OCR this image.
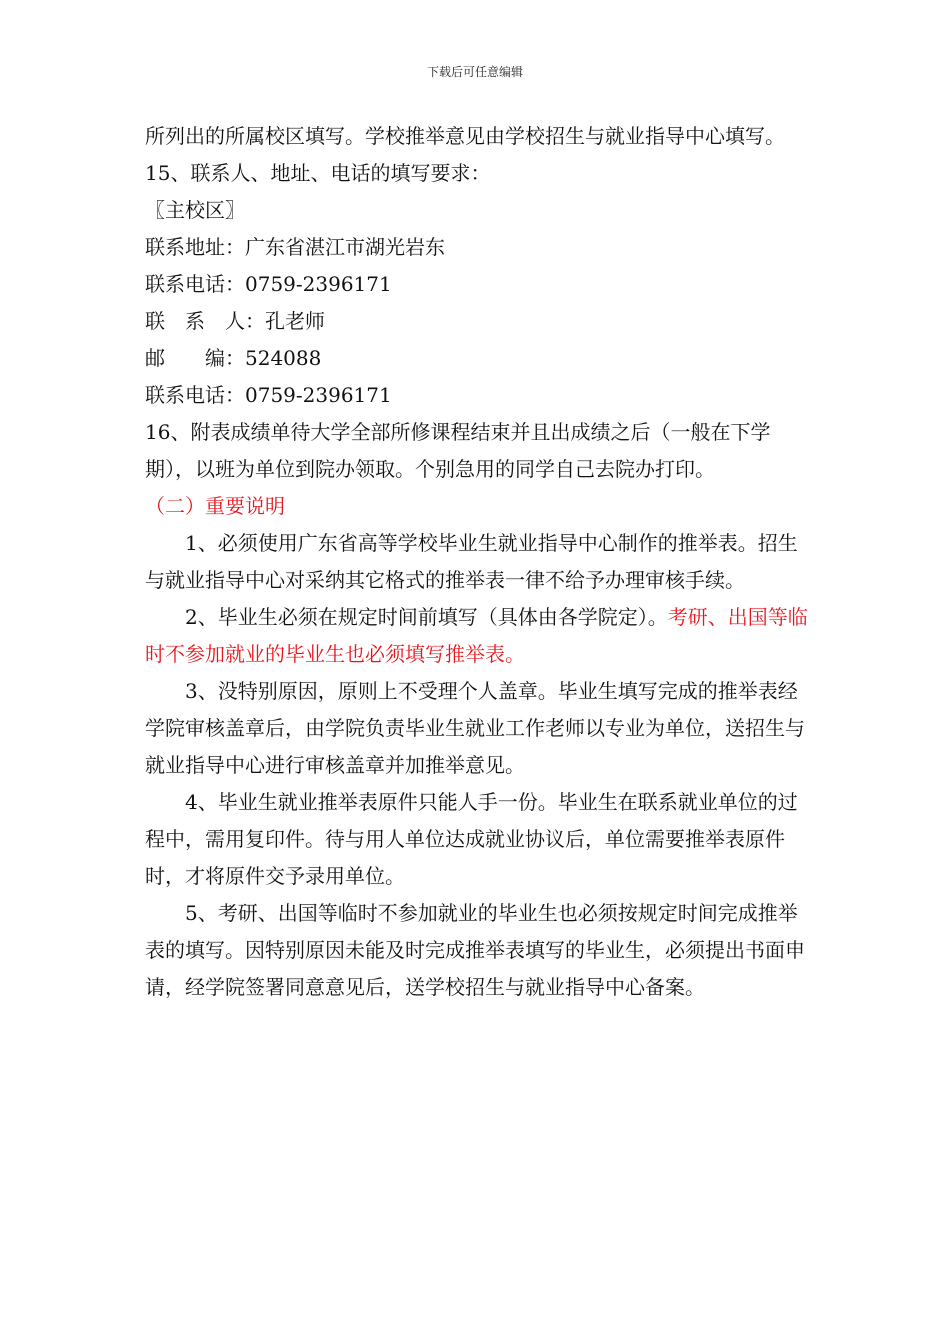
下载后可任意编辑

所列出的所属校区填写。学校推举意见由学校招生与就业指导中心填写。

15、联系人、地址、电话的填写要求：

〖主校区〗

联系地址：广东省湛江市湖光岩东

联系电话：0759-2396171

联　系　人：孔老师

邮　　编：524088

联系电话：0759-2396171

16、附表成绩单待大学全部所修课程结束并且出成绩之后（一般在下学期），以班为单位到院办领取。个别急用的同学自己去院办打印。

（二）重要说明

1、必须使用广东省高等学校毕业生就业指导中心制作的推举表。招生与就业指导中心对采纳其它格式的推举表一律不给予办理审核手续。

2、毕业生必须在规定时间前填写（具体由各学院定）。考研、出国等临时不参加就业的毕业生也必须填写推举表。

3、没特别原因，原则上不受理个人盖章。毕业生填写完成的推举表经学院审核盖章后，由学院负责毕业生就业工作老师以专业为单位，送招生与就业指导中心进行审核盖章并加推举意见。

4、毕业生就业推举表原件只能人手一份。毕业生在联系就业单位的过程中，需用复印件。待与用人单位达成就业协议后，单位需要推举表原件时，才将原件交予录用单位。

5、考研、出国等临时不参加就业的毕业生也必须按规定时间完成推举表的填写。因特别原因未能及时完成推举表填写的毕业生，必须提出书面申请，经学院签署同意意见后，送学校招生与就业指导中心备案。
